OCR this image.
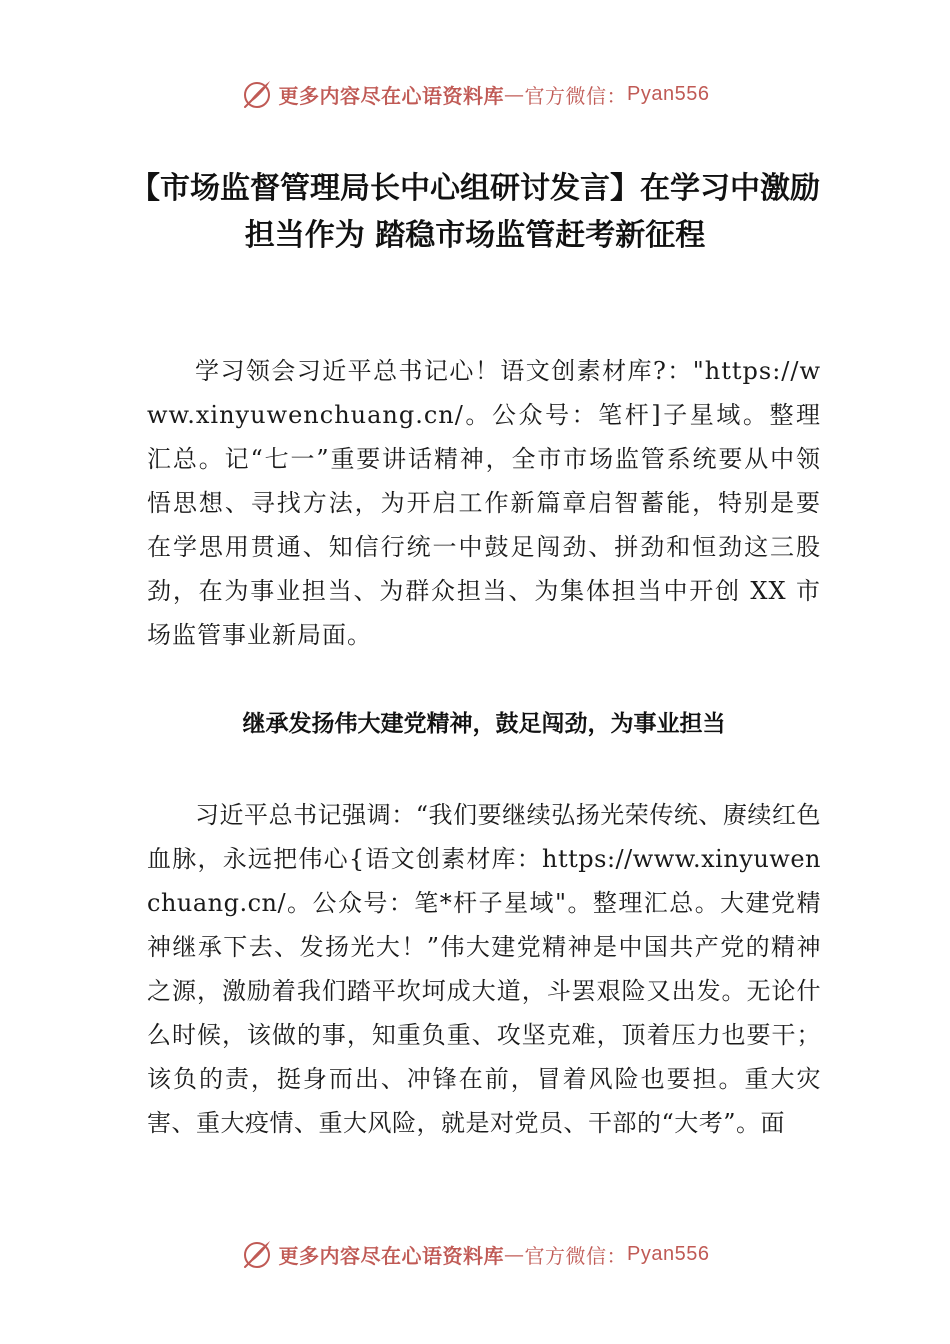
更多内容尽在心语资料库 — 官方微信： Pyan556
【市场监督管理局长中心组研讨发言】在学习中激励担当作为 踏稳市场监管赶考新征程

学习领会习近平总书记心！语文创素材库?："https://www.xinyuwenchuang.cn/。公众号：笔杆]子星域。整理汇总。记“七一”重要讲话精神，全市市场监管系统要从中领悟思想、寻找方法，为开启工作新篇章启智蓄能，特别是要在学思用贯通、知信行统一中鼓足闯劲、拼劲和恒劲这三股劲，在为事业担当、为群众担当、为集体担当中开创 XX 市场监管事业新局面。

继承发扬伟大建党精神，鼓足闯劲，为事业担当

习近平总书记强调：“我们要继续弘扬光荣传统、赓续红色血脉，永远把伟心{语文创素材库：https://www.xinyuwenchuang.cn/。公众号：笔*杆子星域"。整理汇总。大建党精神继承下去、发扬光大！”伟大建党精神是中国共产党的精神之源，激励着我们踏平坎坷成大道，斗罢艰险又出发。无论什么时候，该做的事，知重负重、攻坚克难，顶着压力也要干；该负的责，挺身而出、冲锋在前，冒着风险也要担。重大灾害、重大疫情、重大风险，就是对党员、干部的“大考”。面

更多内容尽在心语资料库 — 官方微信： Pyan556
